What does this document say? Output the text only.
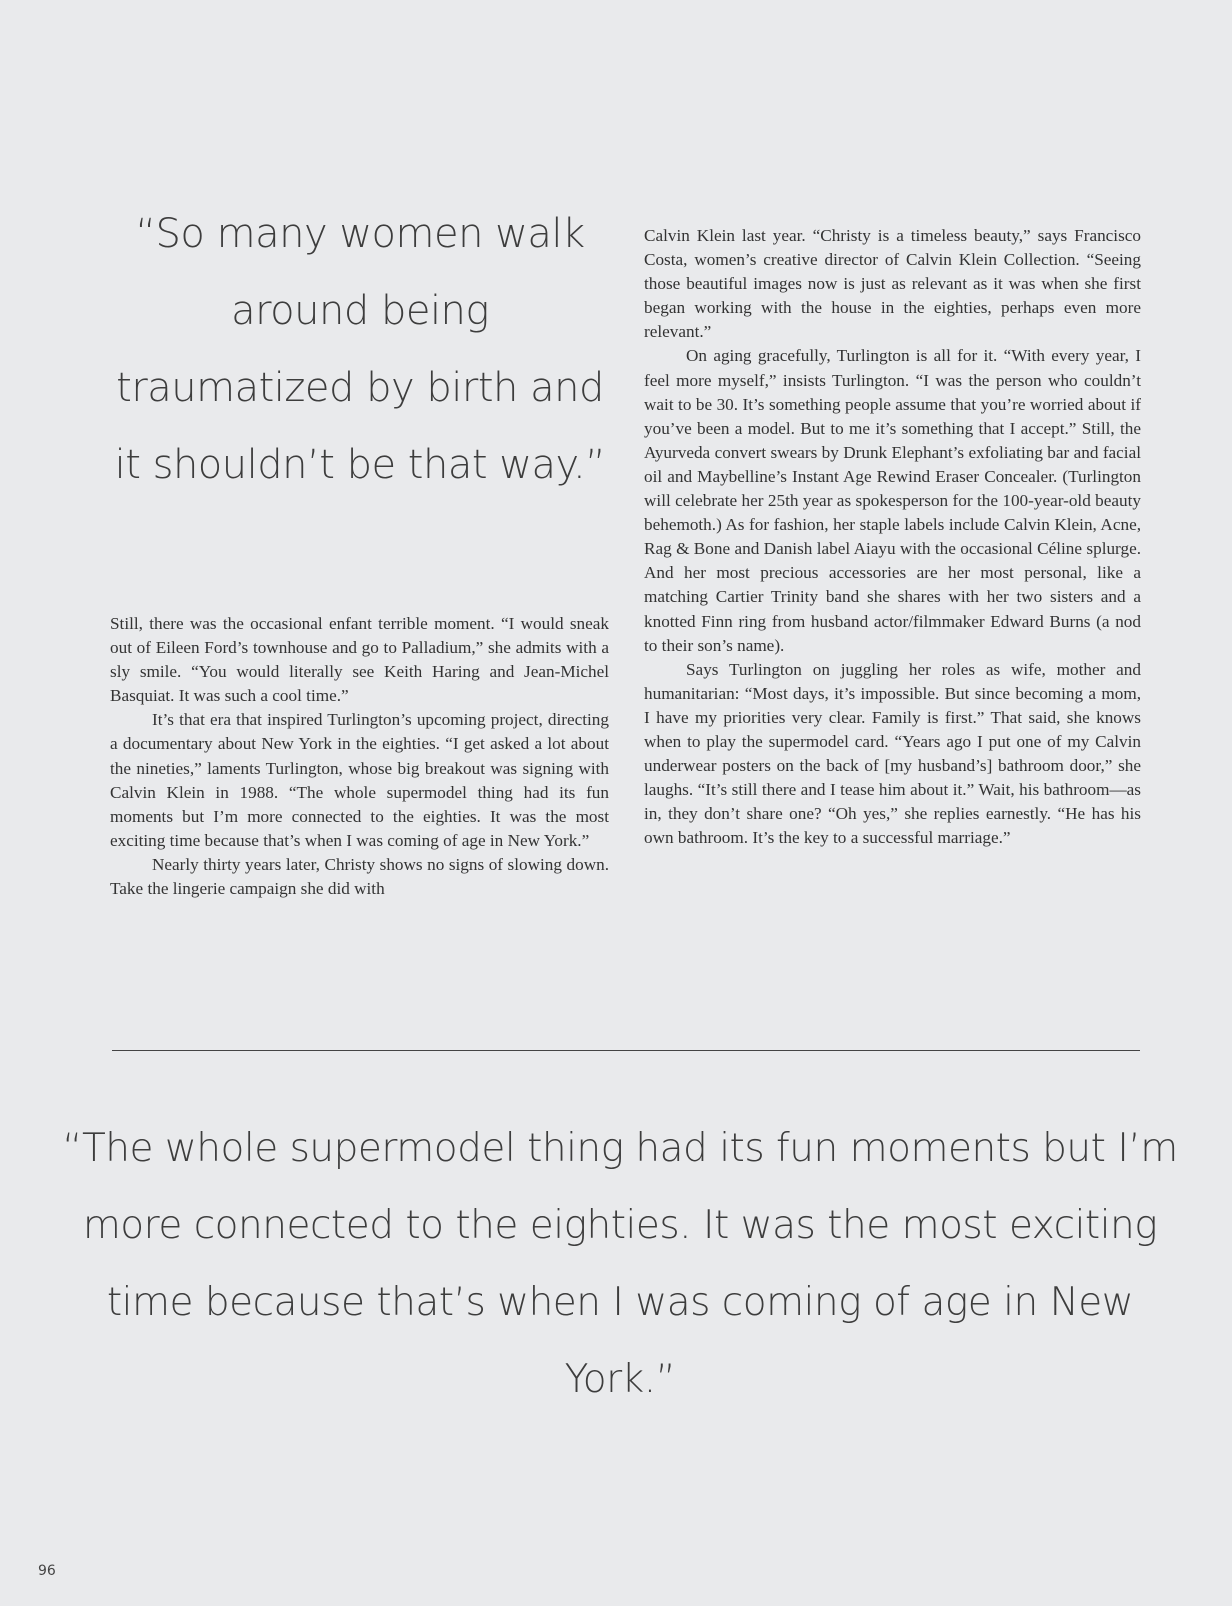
“So many women walk around being traumatized by birth and it shouldn’t be that way.”

Still, there was the occasional enfant terrible moment. “I would sneak out of Eileen Ford’s townhouse and go to Palladium,” she admits with a sly smile. “You would literally see Keith Haring and Jean-Michel Basquiat. It was such a cool time.”

It’s that era that inspired Turlington’s upcoming project, directing a documentary about New York in the eighties. “I get asked a lot about the nineties,” laments Turlington, whose big breakout was signing with Calvin Klein in 1988. “The whole supermodel thing had its fun moments but I’m more connected to the eighties. It was the most exciting time because that’s when I was coming of age in New York.”

Nearly thirty years later, Christy shows no signs of slowing down. Take the lingerie campaign she did with

Calvin Klein last year. “Christy is a timeless beauty,” says Francisco Costa, women’s creative director of Calvin Klein Collection. “Seeing those beautiful images now is just as relevant as it was when she first began working with the house in the eighties, perhaps even more relevant.”

On aging gracefully, Turlington is all for it. “With every year, I feel more myself,” insists Turlington. “I was the person who couldn’t wait to be 30. It’s something people assume that you’re worried about if you’ve been a model. But to me it’s something that I accept.” Still, the Ayurveda convert swears by Drunk Elephant’s exfoliating bar and facial oil and Maybelline’s Instant Age Rewind Eraser Concealer. (Turlington will celebrate her 25th year as spokesperson for the 100-year-old beauty behemoth.) As for fashion, her staple labels include Calvin Klein, Acne, Rag & Bone and Danish label Aiayu with the occasional Céline splurge. And her most precious accessories are her most personal, like a matching Cartier Trinity band she shares with her two sisters and a knotted Finn ring from husband actor/filmmaker Edward Burns (a nod to their son’s name).

Says Turlington on juggling her roles as wife, mother and humanitarian: “Most days, it’s impossible. But since becoming a mom, I have my priorities very clear. Family is first.” That said, she knows when to play the supermodel card. “Years ago I put one of my Calvin underwear posters on the back of [my husband’s] bathroom door,” she laughs. “It’s still there and I tease him about it.” Wait, his bathroom—as in, they don’t share one? “Oh yes,” she replies earnestly. “He has his own bathroom. It’s the key to a successful marriage.”

“The whole supermodel thing had its fun moments but I’m more connected to the eighties. It was the most exciting time because that’s when I was coming of age in New York.”

96
